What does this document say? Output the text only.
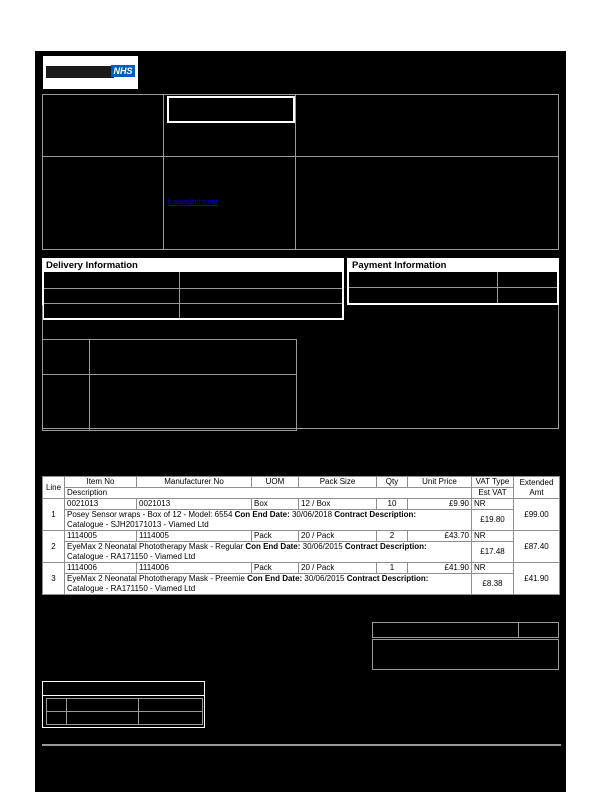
NHS
b.user@nhs.net
Delivery Information	Payment Information
Line	Item No	Manufacturer No	UOM	Pack Size	Qty	Unit Price	VAT Type	Extended Amt
	Description						Est VAT	
1	0021013	0021013	Box	12 / Box	10	£9.90	NR	£99.00
	Posey Sensor wraps - Box of 12 - Model: 6554 Con End Date: 30/06/2018 Contract Description:
Catalogue - SJH20171013 - Viamed Ltd						£19.80	
2	1114005	1114005	Pack	20 / Pack	2	£43.70	NR	£87.40
	EyeMax 2 Neonatal Phototherapy Mask - Regular Con End Date: 30/06/2015 Contract Description:
Catalogue - RA171150 - Viamed Ltd						£17.48	
3	1114006	1114006	Pack	20 / Pack	1	£41.90	NR	£41.90
	EyeMax 2 Neonatal Phototherapy Mask - Preemie Con End Date: 30/06/2015 Contract Description:
Catalogue - RA171150 - Viamed Ltd						£8.38	
